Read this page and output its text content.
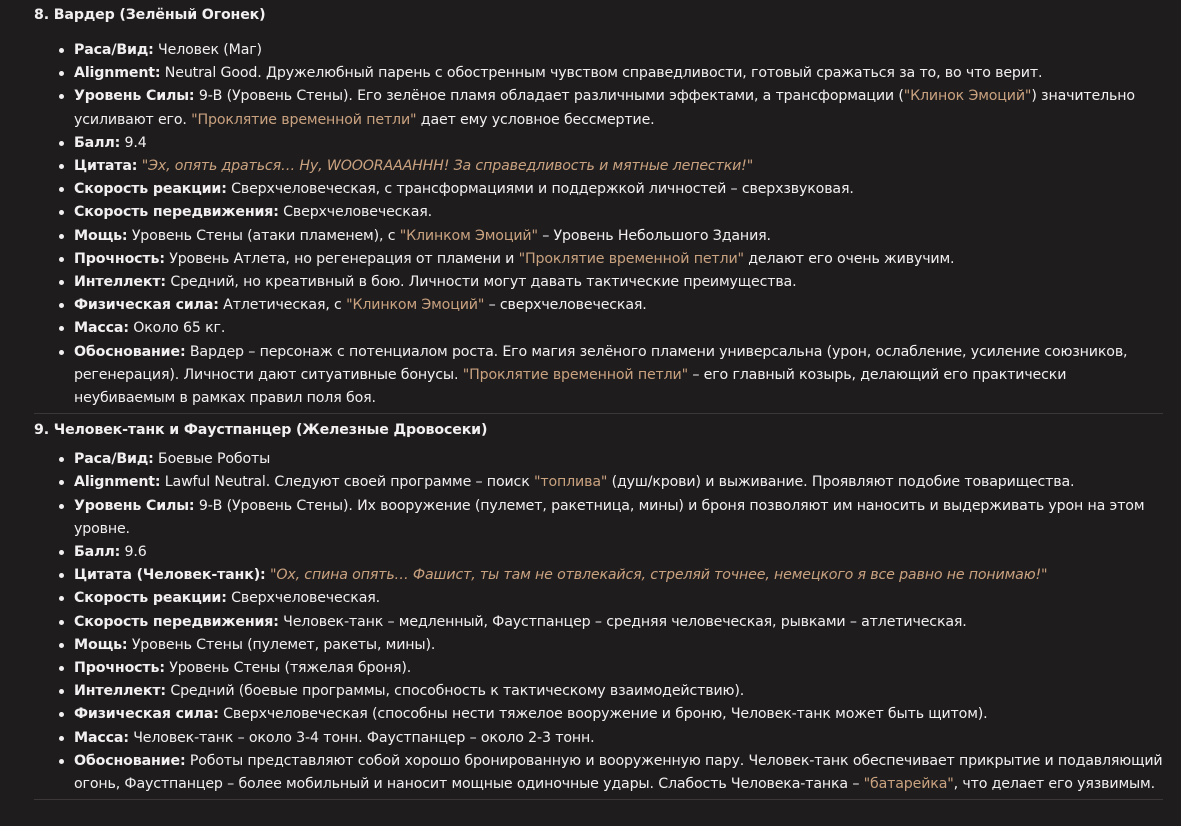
8. Вардер (Зелёный Огонек)
Раса/Вид: Человек (Маг)
Alignment: Neutral Good. Дружелюбный парень с обостренным чувством справедливости, готовый сражаться за то, во что верит.
Уровень Силы: 9-B (Уровень Стены). Его зелёное пламя обладает различными эффектами, а трансформации ("Клинок Эмоций") значительно усиливают его. "Проклятие временной петли" дает ему условное бессмертие.
Балл: 9.4
Цитата: "Эх, опять драться… Ну, WOOORAAAHHH! За справедливость и мятные лепестки!"
Скорость реакции: Сверхчеловеческая, с трансформациями и поддержкой личностей – сверхзвуковая.
Скорость передвижения: Сверхчеловеческая.
Мощь: Уровень Стены (атаки пламенем), с "Клинком Эмоций" – Уровень Небольшого Здания.
Прочность: Уровень Атлета, но регенерация от пламени и "Проклятие временной петли" делают его очень живучим.
Интеллект: Средний, но креативный в бою. Личности могут давать тактические преимущества.
Физическая сила: Атлетическая, с "Клинком Эмоций" – сверхчеловеческая.
Масса: Около 65 кг.
Обоснование: Вардер – персонаж с потенциалом роста. Его магия зелёного пламени универсальна (урон, ослабление, усиление союзников, регенерация). Личности дают ситуативные бонусы. "Проклятие временной петли" – его главный козырь, делающий его практически неубиваемым в рамках правил поля боя.
9. Человек-танк и Фаустпанцер (Железные Дровосеки)
Раса/Вид: Боевые Роботы
Alignment: Lawful Neutral. Следуют своей программе – поиск "топлива" (душ/крови) и выживание. Проявляют подобие товарищества.
Уровень Силы: 9-B (Уровень Стены). Их вооружение (пулемет, ракетница, мины) и броня позволяют им наносить и выдерживать урон на этом уровне.
Балл: 9.6
Цитата (Человек-танк): "Ох, спина опять… Фашист, ты там не отвлекайся, стреляй точнее, немецкого я все равно не понимаю!"
Скорость реакции: Сверхчеловеческая.
Скорость передвижения: Человек-танк – медленный, Фаустпанцер – средняя человеческая, рывками – атлетическая.
Мощь: Уровень Стены (пулемет, ракеты, мины).
Прочность: Уровень Стены (тяжелая броня).
Интеллект: Средний (боевые программы, способность к тактическому взаимодействию).
Физическая сила: Сверхчеловеческая (способны нести тяжелое вооружение и броню, Человек-танк может быть щитом).
Масса: Человек-танк – около 3-4 тонн. Фаустпанцер – около 2-3 тонн.
Обоснование: Роботы представляют собой хорошо бронированную и вооруженную пару. Человек-танк обеспечивает прикрытие и подавляющий огонь, Фаустпанцер – более мобильный и наносит мощные одиночные удары. Слабость Человека-танка – "батарейка", что делает его уязвимым.
